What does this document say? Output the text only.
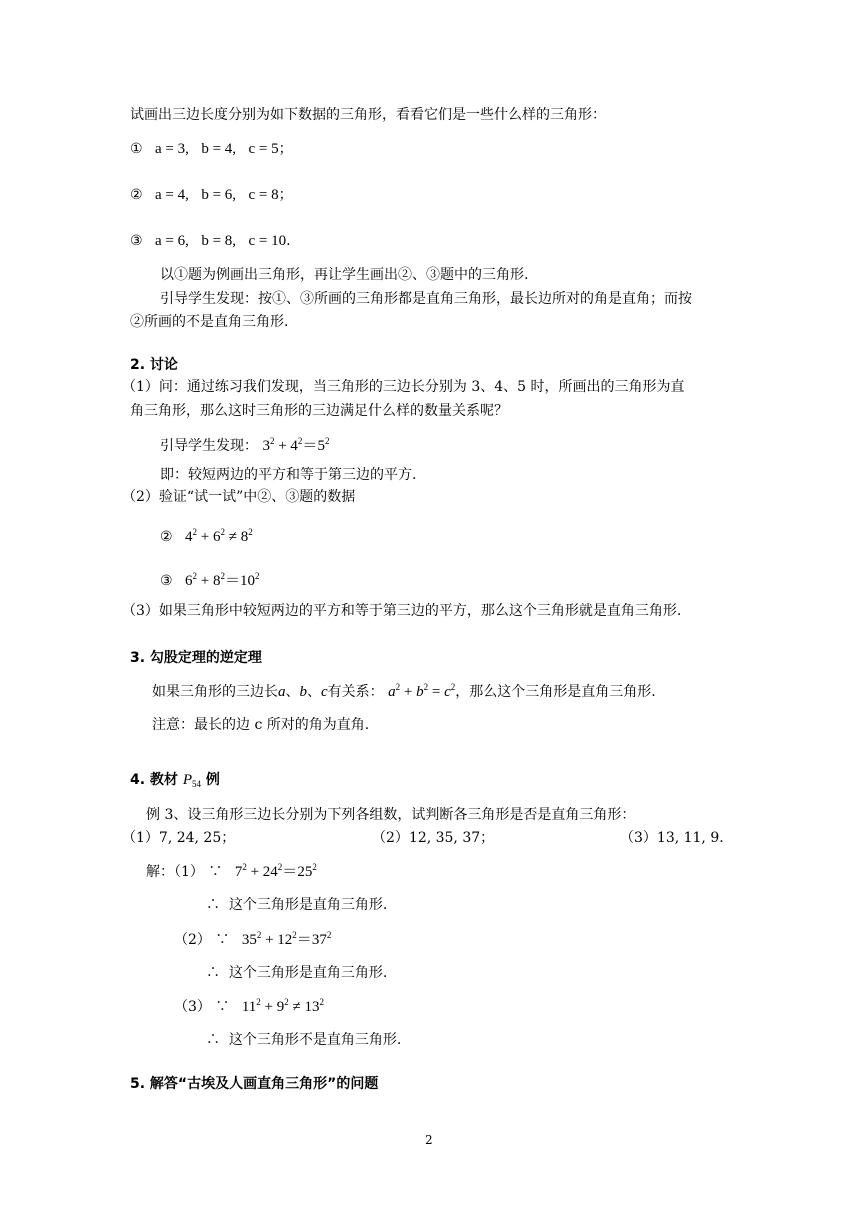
试画出三边长度分别为如下数据的三角形，看看它们是一些什么样的三角形：
① a = 3, b = 4, c = 5；
② a = 4, b = 6, c = 8；
③ a = 6, b = 8, c = 10.
以①题为例画出三角形，再让学生画出②、③题中的三角形.
引导学生发现：按①、③所画的三角形都是直角三角形，最长边所对的角是直角；而按
②所画的不是直角三角形.
2. 讨论
（1）问：通过练习我们发现，当三角形的三边长分别为 3、4、5 时，所画出的三角形为直
角三角形，那么这时三角形的三边满足什么样的数量关系呢？
引导学生发现： $3^2 + 4^2=5^2$
即：较短两边的平方和等于第三边的平方.
（2）验证“试一试”中②、③题的数据
② $4^2 + 6^2 \ne 8^2$
③ $6^2 + 8^2=10^2$
（3）如果三角形中较短两边的平方和等于第三边的平方，那么这个三角形就是直角三角形.
3. 勾股定理的逆定理
如果三角形的三边长a、b、c有关系： $a^2 + b^2 = c^2$，那么这个三角形是直角三角形.
注意：最长的边 c 所对的角为直角.
4. 教材 $P_{54}$ 例
例 3、设三角形三边长分别为下列各组数，试判断各三角形是否是直角三角形：
（1）7, 24, 25；	（2）12, 35, 37；	（3）13, 11, 9.
解：（1） ∵ $7^2 + 24^2=25^2$
∴ 这个三角形是直角三角形.
（2） ∵ $35^2 + 12^2=37^2$
∴ 这个三角形是直角三角形.
（3） ∵ $11^2 + 9^2 \ne 13^2$
∴ 这个三角形不是直角三角形.
5. 解答“古埃及人画直角三角形”的问题
2
